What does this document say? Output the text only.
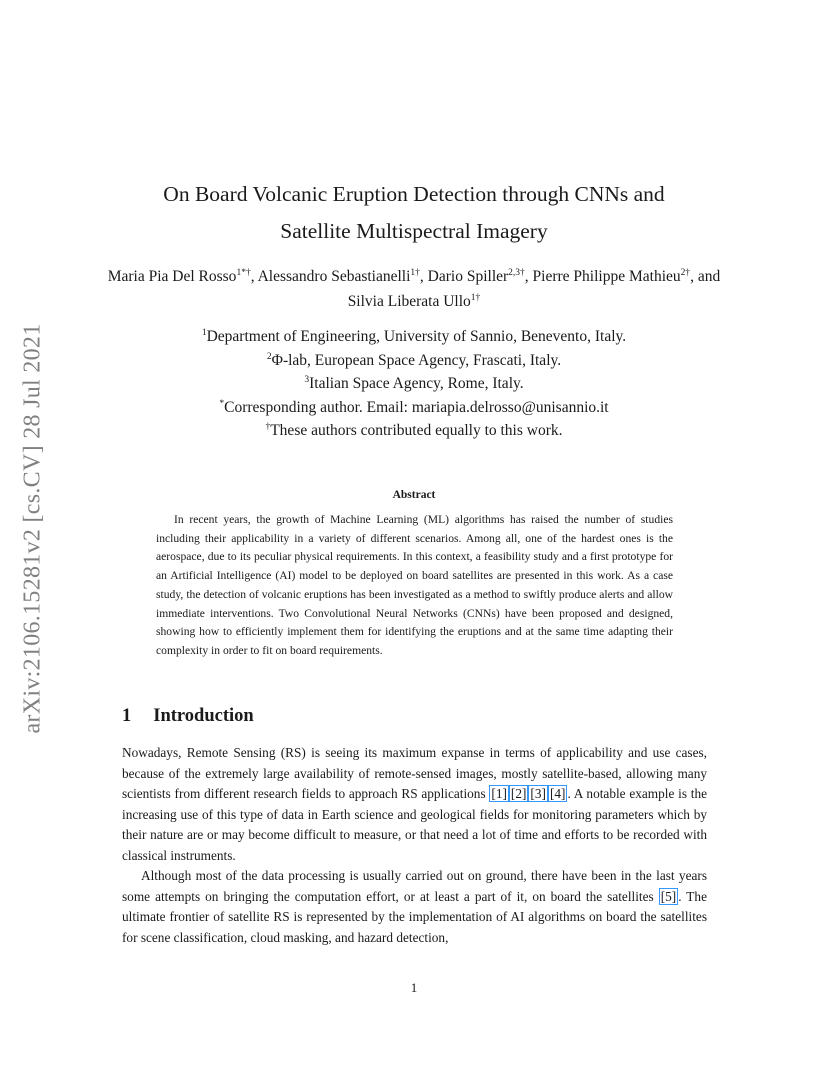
arXiv:2106.15281v2 [cs.CV] 28 Jul 2021
On Board Volcanic Eruption Detection through CNNs and
Satellite Multispectral Imagery
Maria Pia Del Rosso$^{1*\dagger}$, Alessandro Sebastianelli$^{1\dagger}$, Dario Spiller$^{2,3\dagger}$, Pierre Philippe Mathieu$^{2\dagger}$, and Silvia Liberata Ullo$^{1\dagger}$
$^1$Department of Engineering, University of Sannio, Benevento, Italy.
$^2$Φ-lab, European Space Agency, Frascati, Italy.
$^3$Italian Space Agency, Rome, Italy.
*Corresponding author. Email: mariapia.delrosso@unisannio.it
†These authors contributed equally to this work.
Abstract
In recent years, the growth of Machine Learning (ML) algorithms has raised the number of studies including their applicability in a variety of different scenarios. Among all, one of the hardest ones is the aerospace, due to its peculiar physical requirements. In this context, a feasibility study and a first prototype for an Artificial Intelligence (AI) model to be deployed on board satellites are presented in this work. As a case study, the detection of volcanic eruptions has been investigated as a method to swiftly produce alerts and allow immediate interventions. Two Convolutional Neural Networks (CNNs) have been proposed and designed, showing how to efficiently implement them for identifying the eruptions and at the same time adapting their complexity in order to fit on board requirements.
1 Introduction

Nowadays, Remote Sensing (RS) is seeing its maximum expanse in terms of applicability and use cases, because of the extremely large availability of remote-sensed images, mostly satellite-based, allowing many scientists from different research fields to approach RS applications [1] [2] [3] [4] . A notable example is the increasing use of this type of data in Earth science and geological fields for monitoring parameters which by their nature are or may become difficult to measure, or that need a lot of time and efforts to be recorded with classical instruments.

Although most of the data processing is usually carried out on ground, there have been in the last years some attempts on bringing the computation effort, or at least a part of it, on board the satellites [5] . The ultimate frontier of satellite RS is represented by the implementation of AI algorithms on board the satellites for scene classification, cloud masking, and hazard detection,

1
